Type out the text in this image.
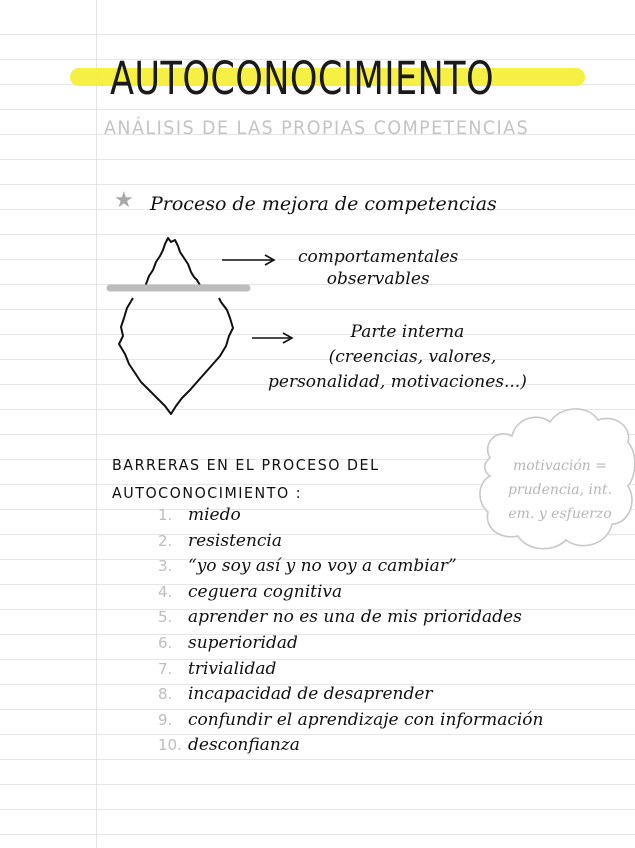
AUTOCONOCIMIENTO
ANÁLISIS DE LAS PROPIAS COMPETENCIAS
★ Proceso de mejora de competencias
comportamentales
observables
Parte interna
(creencias, valores,
personalidad, motivaciones...)
BARRERAS EN EL PROCESO DEL
AUTOCONOCIMIENTO :
motivación =
prudencia, int.
em. y esfuerzo
1. miedo
2. resistencia
3. “yo soy así y no voy a cambiar”
4. ceguera cognitiva
5. aprender no es una de mis prioridades
6. superioridad
7. trivialidad
8. incapacidad de desaprender
9. confundir el aprendizaje con información
10. desconfianza
